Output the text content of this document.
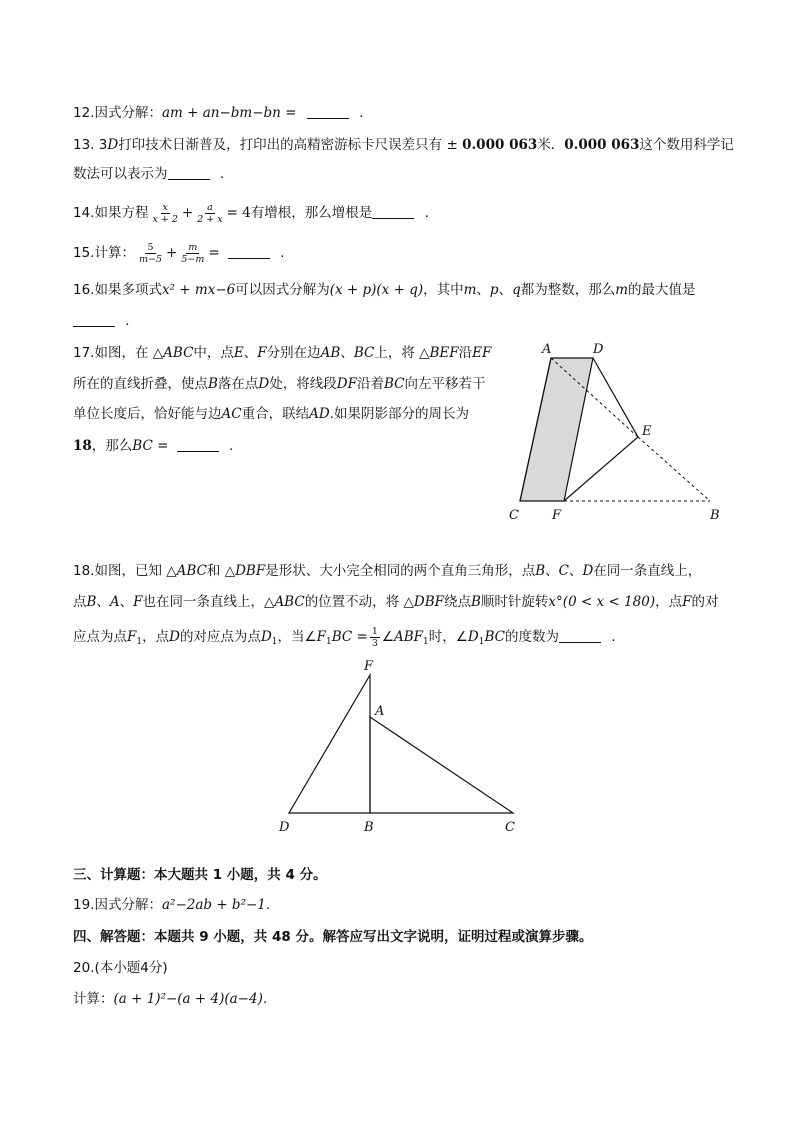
12.因式分解：am + an−bm−bn =	.
13. 3D打印技术日渐普及，打印出的高精密游标卡尺误差只有 ± 0.000 063米．0.000 063这个数用科学记
数法可以表示为	.
14.如果方程 $\frac{x}{x + 2} + \frac{a}{2 + x} = 4$有增根，那么增根是	.
15.计算： $\frac{5}{m-5} + \frac{m}{5-m}$ =	.
16.如果多项式x² + mx−6可以因式分解为(x + p)(x + q)，其中m、p、q都为整数，那么m的最大值是
.
17.如图，在 △ABC中，点E、F分别在边AB、BC上，将 △BEF沿EF
所在的直线折叠，使点B落在点D处，将线段DF沿着BC向左平移若干
单位长度后，恰好能与边AC重合，联结AD.如果阴影部分的周长为
18，那么BC =	.
A	D
E
C	F	B
18.如图，已知 △ABC和 △DBF是形状、大小完全相同的两个直角三角形，点B、C、D在同一条直线上，
点B、A、F也在同一条直线上，△ABC的位置不动，将 △DBF绕点B顺时针旋转x°(0 < x < 180)，点F的对
应点为点$F_1$，点D的对应点为点$D_1$，当$\angle F_1BC = \frac{1}{3}$ $\angle ABF_1$时，$\angle D_1BC$的度数为	.
F
A
D	B	C
三、计算题：本大题共 1 小题，共 4 分。
19.因式分解：a²−2ab + b²−1.
四、解答题：本题共 9 小题，共 48 分。解答应写出文字说明，证明过程或演算步骤。
20.(本小题4分)
计算：(a + 1)²−(a + 4)(a−4).
